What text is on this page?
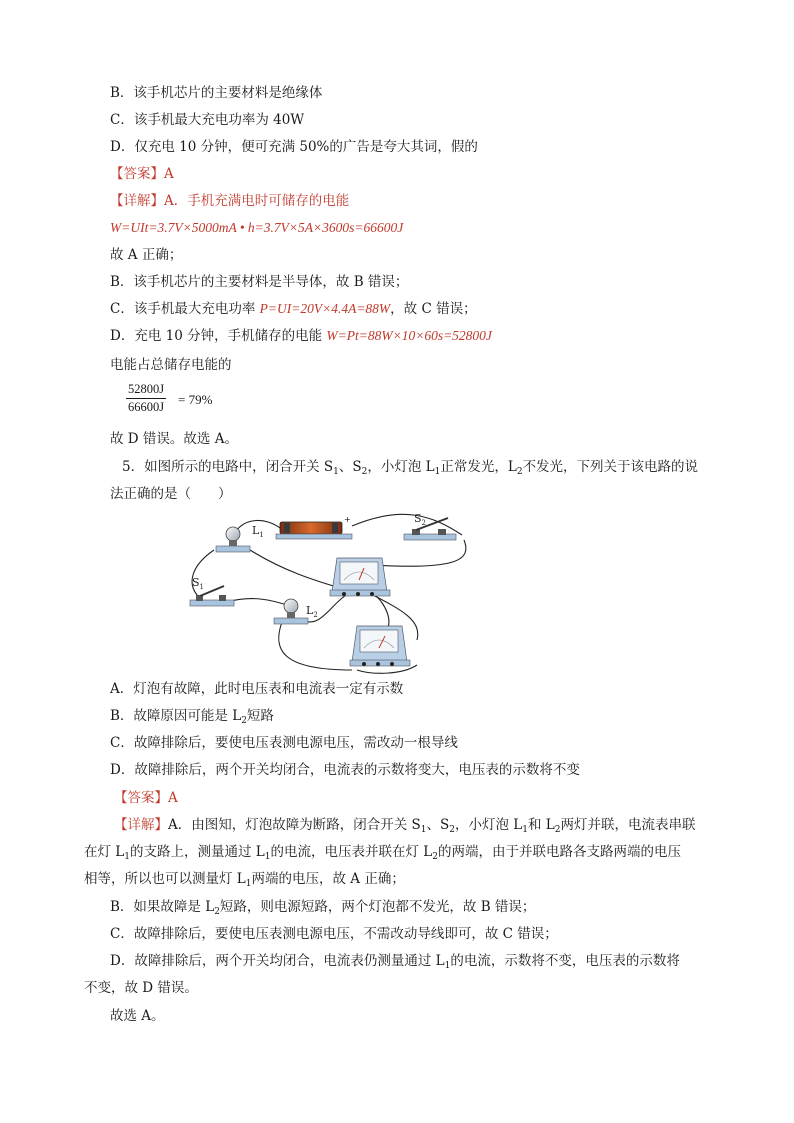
B．该手机芯片的主要材料是绝缘体
C．该手机最大充电功率为 40W
D．仅充电 10 分钟，便可充满 50%的广告是夸大其词，假的
【答案】A
【详解】A．手机充满电时可储存的电能
W=UIt=3.7V×5000mA • h=3.7V×5A×3600s=66600J
故 A 正确；
B．该手机芯片的主要材料是半导体，故 B 错误；
C．该手机最大充电功率 P=UI=20V×4.4A=88W，故 C 错误；
D．充电 10 分钟，手机储存的电能 W=Pt=88W×10×60s=52800J
电能占总储存电能的
$\frac{52800J}{66600J} = 79\%$
故 D 错误。故选 A。
5．如图所示的电路中，闭合开关 $S_1$、$S_2$，小灯泡 $L_1$正常发光，$L_2$不发光，下列关于该电路的说
法正确的是（　　）
+
$L_1$
$S_2$
$S_1$
$L_2$
A．灯泡有故障，此时电压表和电流表一定有示数
B．故障原因可能是 $L_2$短路
C．故障排除后，要使电压表测电源电压，需改动一根导线
D．故障排除后，两个开关均闭合，电流表的示数将变大，电压表的示数将不变
【答案】A
【详解】A．由图知，灯泡故障为断路，闭合开关 $S_1$、$S_2$，小灯泡 $L_1$和 $L_2$两灯并联，电流表串联
在灯 $L_1$的支路上，测量通过 $L_1$的电流，电压表并联在灯 $L_2$的两端，由于并联电路各支路两端的电压
相等，所以也可以测量灯 $L_1$两端的电压，故 A 正确；
B．如果故障是 $L_2$短路，则电源短路，两个灯泡都不发光，故 B 错误；
C．故障排除后，要使电压表测电源电压，不需改动导线即可，故 C 错误；
D．故障排除后，两个开关均闭合，电流表仍测量通过 $L_1$的电流，示数将不变，电压表的示数将
不变，故 D 错误。
故选 A。
